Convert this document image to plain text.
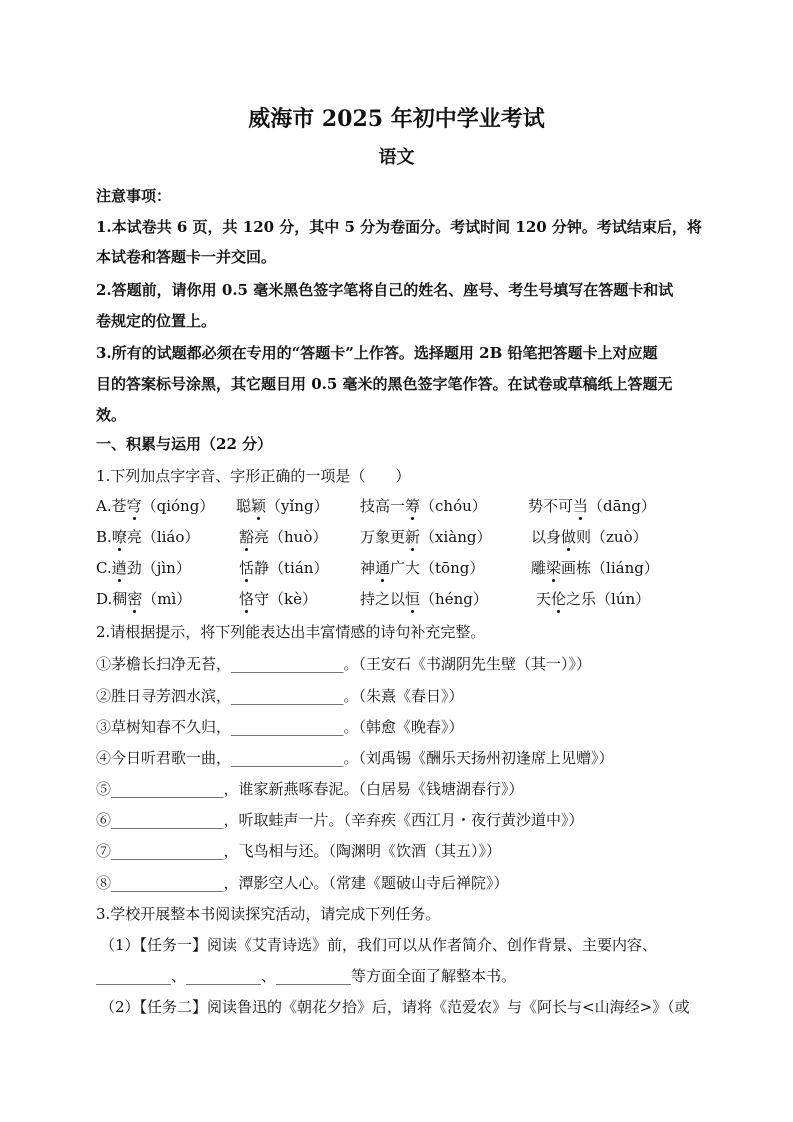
威海市 2025 年初中学业考试
语文
注意事项：
1.本试卷共 6 页，共 120 分，其中 5 分为卷面分。考试时间 120 分钟。考试结束后，将
本试卷和答题卡一并交回。
2.答题前，请你用 0.5 毫米黑色签字笔将自己的姓名、座号、考生号填写在答题卡和试
卷规定的位置上。
3.所有的试题都必须在专用的“答题卡”上作答。选择题用 2B 铅笔把答题卡上对应题
目的答案标号涂黑，其它题目用 0.5 毫米的黑色签字笔作答。在试卷或草稿纸上答题无
效。
一、积累与运用（22 分）
1.下列加点字字音、字形正确的一项是（　　）
A.苍穹（qióng） 聪颖（yǐng） 技高一筹（chóu）	势不可当（dāng）
B.嘹亮（liáo）	豁亮（huò） 万象更新（xiàng）	以身做则（zuò）
C.遒劲（jìn）	恬静（tián） 神通广大（tōng）	雕梁画栋（liáng）
D.稠密（mì）	恪守（kè）	持之以恒（héng）	天伦之乐（lún）
2.请根据提示，将下列能表达出丰富情感的诗句补充完整。
①茅檐长扫净无苔，_______________。（王安石《书湖阴先生壁（其一）》）
②胜日寻芳泗水滨，_______________。（朱熹《春日》）
③草树知春不久归，_______________。（韩愈《晚春》）
④今日听君歌一曲，_______________。（刘禹锡《酬乐天扬州初逢席上见赠》）
⑤_______________，谁家新燕啄春泥。（白居易《钱塘湖春行》）
⑥_______________，听取蛙声一片。（辛弃疾《西江月・夜行黄沙道中》）
⑦_______________，飞鸟相与还。（陶渊明《饮酒（其五）》）
⑧_______________，潭影空人心。（常建《题破山寺后禅院》）
3.学校开展整本书阅读探究活动，请完成下列任务。
（1）【任务一】阅读《艾青诗选》前，我们可以从作者简介、创作背景、主要内容、
__________、__________、__________等方面全面了解整本书。
（2）【任务二】阅读鲁迅的《朝花夕拾》后，请将《范爱农》与《阿长与<山海经>》（或
